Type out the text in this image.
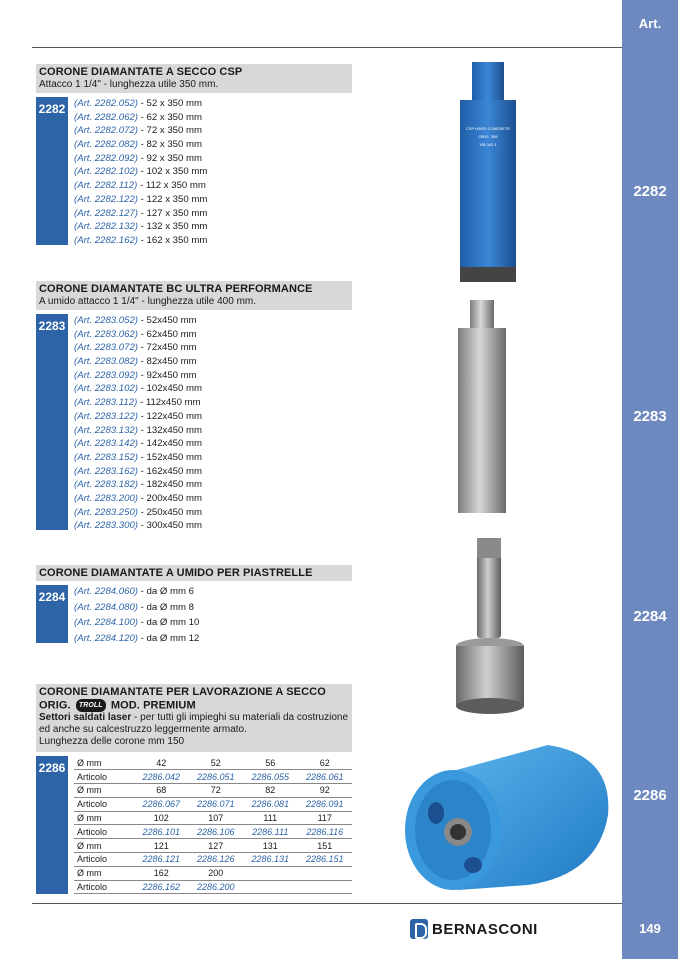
Art.
2282
2283
2284
2286
149
CORONE DIAMANTATE A SECCO CSP
Attacco 1 1/4" - lunghezza utile 350 mm.
2282 (Art. 2282.052) - 52 x 350 mm
(Art. 2282.062) - 62 x 350 mm
(Art. 2282.072) - 72 x 350 mm
(Art. 2282.082) - 82 x 350 mm
(Art. 2282.092) - 92 x 350 mm
(Art. 2282.102) - 102 x 350 mm
(Art. 2282.112) - 112 x 350 mm
(Art. 2282.122) - 122 x 350 mm
(Art. 2282.127) - 127 x 350 mm
(Art. 2282.132) - 132 x 350 mm
(Art. 2282.162) - 162 x 350 mm
CSP HARD CONCRETE
ORIG. 358
165 162 1
CORONE DIAMANTATE BC ULTRA PERFORMANCE
A umido attacco 1 1/4" - lunghezza utile 400 mm.
2283 (Art. 2283.052) - 52x450 mm
(Art. 2283.062) - 62x450 mm
(Art. 2283.072) - 72x450 mm
(Art. 2283.082) - 82x450 mm
(Art. 2283.092) - 92x450 mm
(Art. 2283.102) - 102x450 mm
(Art. 2283.112) - 112x450 mm
(Art. 2283.122) - 122x450 mm
(Art. 2283.132) - 132x450 mm
(Art. 2283.142) - 142x450 mm
(Art. 2283.152) - 152x450 mm
(Art. 2283.162) - 162x450 mm
(Art. 2283.182) - 182x450 mm
(Art. 2283.200) - 200x450 mm
(Art. 2283.250) - 250x450 mm
(Art. 2283.300) - 300x450 mm
CORONE DIAMANTATE A UMIDO PER PIASTRELLE
2284 (Art. 2284.060) - da Ø mm 6
(Art. 2284.080) - da Ø mm 8
(Art. 2284.100) - da Ø mm 10
(Art. 2284.120) - da Ø mm 12
CORONE DIAMANTATE PER LAVORAZIONE A SECCO
ORIG. TROLL MOD. PREMIUM
Settori saldati laser - per tutti gli impieghi su materiali da costruzione ed anche su calcestruzzo leggermente armato.
Lunghezza delle corone mm 150
2286 Ø mm	42	52	56	62
Articolo	2286.042	2286.051	2286.055	2286.061
Ø mm	68	72	82	92
Articolo	2286.067	2286.071	2286.081	2286.091
Ø mm	102	107	111	117
Articolo	2286.101	2286.106	2286.111	2286.116
Ø mm	121	127	131	151
Articolo	2286.121	2286.126	2286.131	2286.151
Ø mm	162	200		
Articolo	2286.162	2286.200		
BERNASCONI
